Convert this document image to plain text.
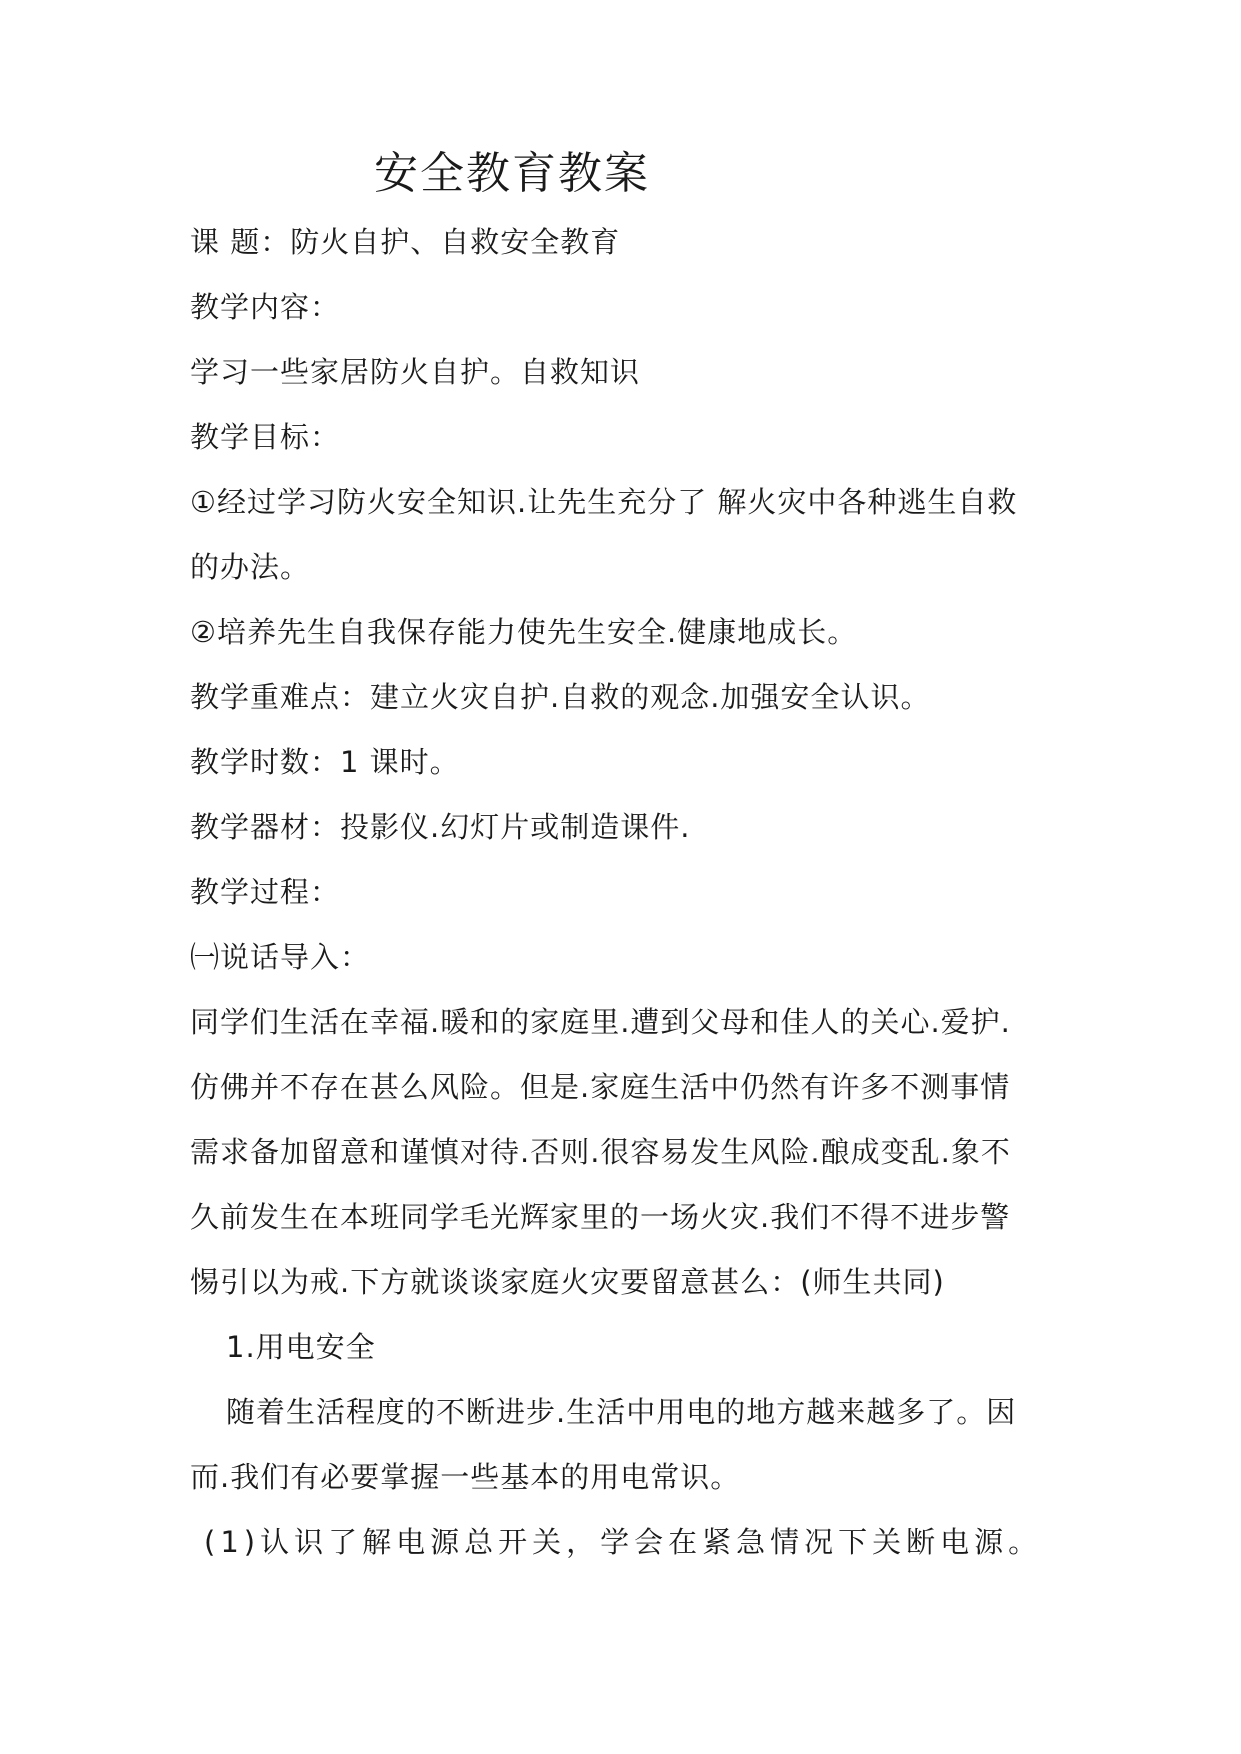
安全教育教案
课 题：防火自护、自救安全教育
教学内容：
学习一些家居防火自护。自救知识
教学目标：
①经过学习防火安全知识.让先生充分了 解火灾中各种逃生自救
的办法。
②培养先生自我保存能力使先生安全.健康地成长。
教学重难点：建立火灾自护.自救的观念.加强安全认识。
教学时数：1 课时。
教学器材：投影仪.幻灯片或制造课件.
教学过程：
㈠说话导入：
同学们生活在幸福.暖和的家庭里.遭到父母和佳人的关心.爱护.
仿佛并不存在甚么风险。但是.家庭生活中仍然有许多不测事情
需求备加留意和谨慎对待.否则.很容易发生风险.酿成变乱.象不
久前发生在本班同学毛光辉家里的一场火灾.我们不得不进步警
惕引以为戒.下方就谈谈家庭火灾要留意甚么：(师生共同)
1.用电安全
随着生活程度的不断进步.生活中用电的地方越来越多了。因
而.我们有必要掌握一些基本的用电常识。
(1)认识了解电源总开关，学会在紧急情况下关断电源。
